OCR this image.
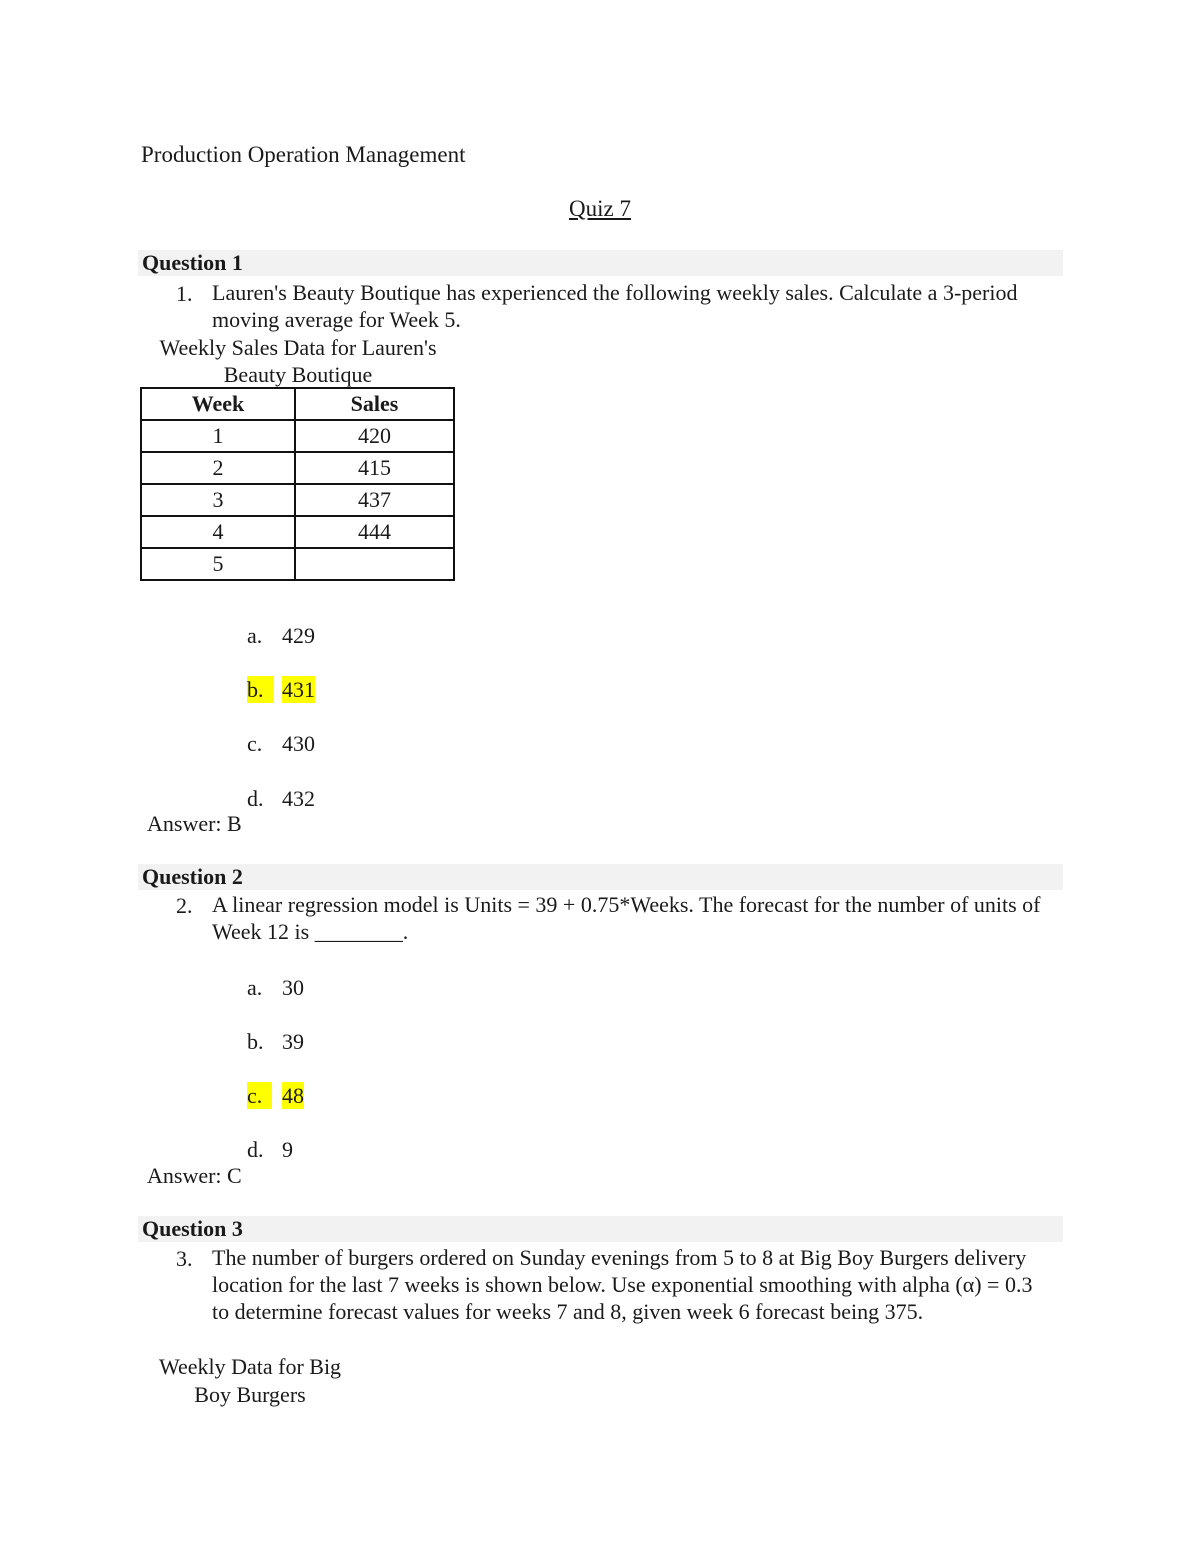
Production Operation Management
Quiz 7
Question 1
1. Lauren's Beauty Boutique has experienced the following weekly sales. Calculate a 3-period moving average for Week 5.
Weekly Sales Data for Lauren's
Beauty Boutique
Week	Sales
1	420
2	415
3	437
4	444
5	
a. 429
b. 431
c. 430
d. 432
Answer: B
Question 2
2. A linear regression model is Units = 39 + 0.75*Weeks. The forecast for the number of units of Week 12 is ________.
a. 30
b. 39
c. 48
d. 9
Answer: C
Question 3
3. The number of burgers ordered on Sunday evenings from 5 to 8 at Big Boy Burgers delivery location for the last 7 weeks is shown below. Use exponential smoothing with alpha (α) = 0.3 to determine forecast values for weeks 7 and 8, given week 6 forecast being 375.
Weekly Data for Big
Boy Burgers
